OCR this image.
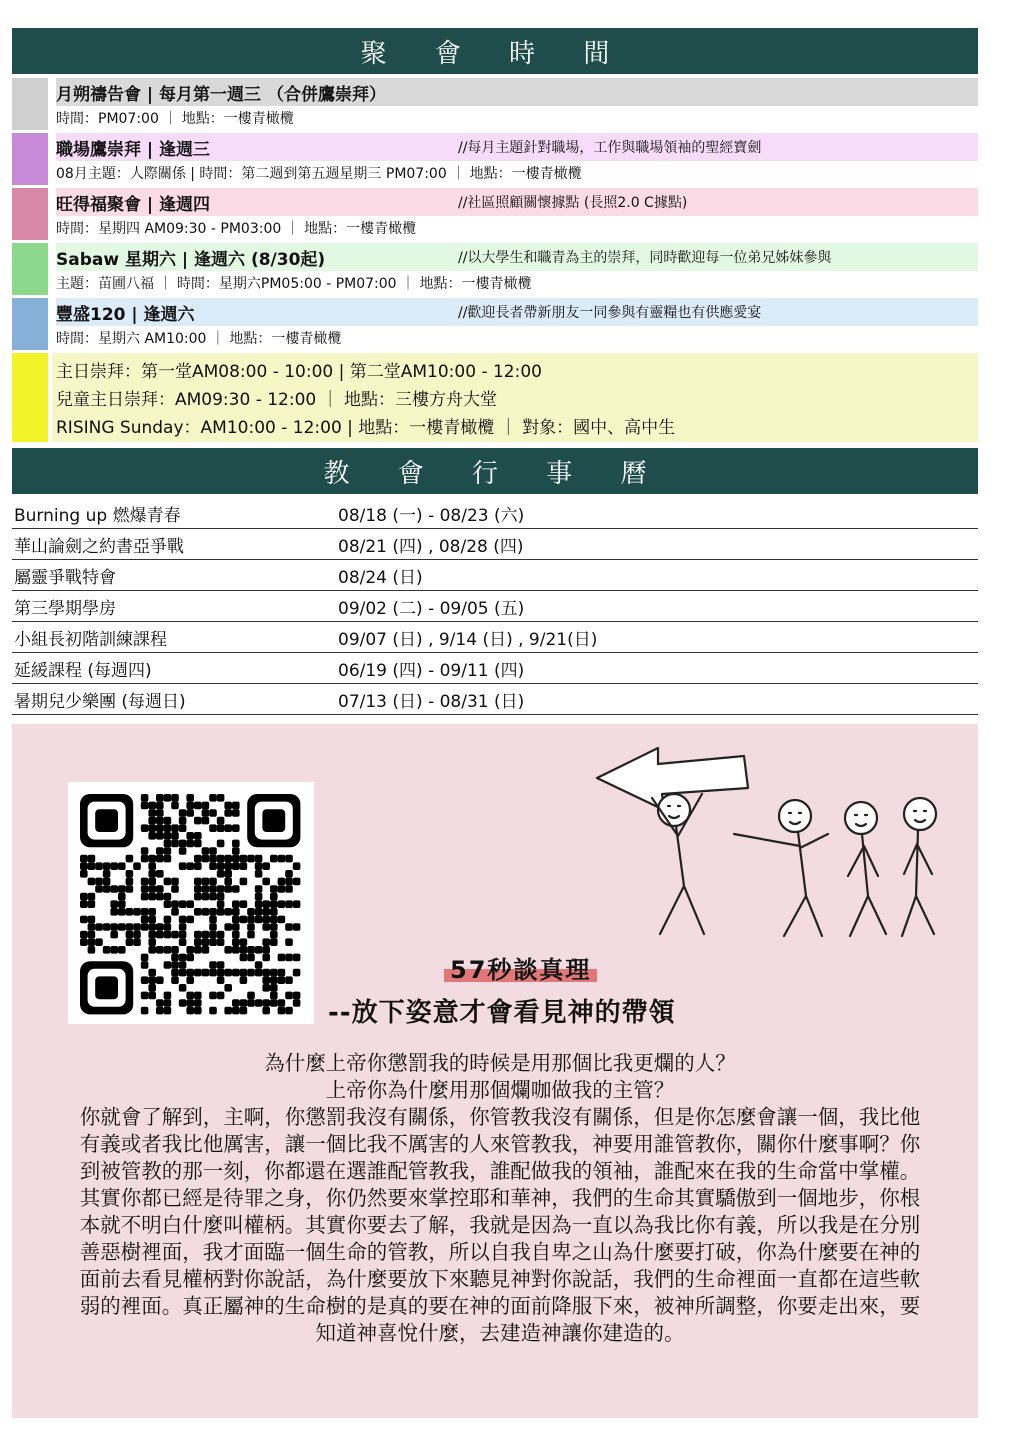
聚 會 時 間
月朔禱告會 | 每月第一週三 （合併鷹崇拜）
時間：PM07:00 ｜ 地點：一樓青橄欖
職場鷹崇拜 | 逢週三	//每月主題針對職場，工作與職場領袖的聖經寶劍
08月主題：人際關係 | 時間：第二週到第五週星期三 PM07:00 ｜ 地點：一樓青橄欖
旺得福聚會 | 逢週四	//社區照顧關懷據點 (長照2.0 C據點)
時間：星期四 AM09:30 - PM03:00 ｜ 地點：一樓青橄欖
Sabaw 星期六 | 逢週六 (8/30起)	//以大學生和職青為主的崇拜，同時歡迎每一位弟兄姊妹參與
主題：苗圃八福 ｜ 時間：星期六PM05:00 - PM07:00 ｜ 地點：一樓青橄欖
豐盛120 | 逢週六	//歡迎長者帶新朋友一同參與有靈糧也有供應愛宴
時間：星期六 AM10:00 ｜ 地點：一樓青橄欖
主日崇拜：第一堂AM08:00 - 10:00 | 第二堂AM10:00 - 12:00
兒童主日崇拜：AM09:30 - 12:00 ｜ 地點：三樓方舟大堂
RISING Sunday：AM10:00 - 12:00 | 地點：一樓青橄欖 ｜ 對象：國中、高中生
教 會 行 事 曆
Burning up 燃爆青春	08/18 (一) - 08/23 (六)
華山論劍之約書亞爭戰	08/21 (四) , 08/28 (四)
屬靈爭戰特會	08/24 (日)
第三學期學房	09/02 (二) - 09/05 (五)
小組長初階訓練課程	09/07 (日) , 9/14 (日) , 9/21(日)
延緩課程 (每週四)	06/19 (四) - 09/11 (四)
暑期兒少樂團 (每週日)	07/13 (日) - 08/31 (日)
57秒談真理
--放下姿意才會看見神的帶領
為什麼上帝你懲罰我的時候是用那個比我更爛的人？
上帝你為什麼用那個爛咖做我的主管？
你就會了解到，主啊，你懲罰我沒有關係，你管教我沒有關係，但是你怎麼會讓一個，我比他有義或者我比他厲害，讓一個比我不厲害的人來管教我，神要用誰管教你，關你什麼事啊？你到被管教的那一刻，你都還在選誰配管教我，誰配做我的領袖，誰配來在我的生命當中掌權。其實你都已經是待罪之身，你仍然要來掌控耶和華神，我們的生命其實驕傲到一個地步，你根本就不明白什麼叫權柄。其實你要去了解，我就是因為一直以為我比你有義，所以我是在分別善惡樹裡面，我才面臨一個生命的管教，所以自我自卑之山為什麼要打破，你為什麼要在神的面前去看見權柄對你說話，為什麼要放下來聽見神對你說話，我們的生命裡面一直都在這些軟弱的裡面。真正屬神的生命樹的是真的要在神的面前降服下來，被神所調整，你要走出來，要知道神喜悅什麼，去建造神讓你建造的。
